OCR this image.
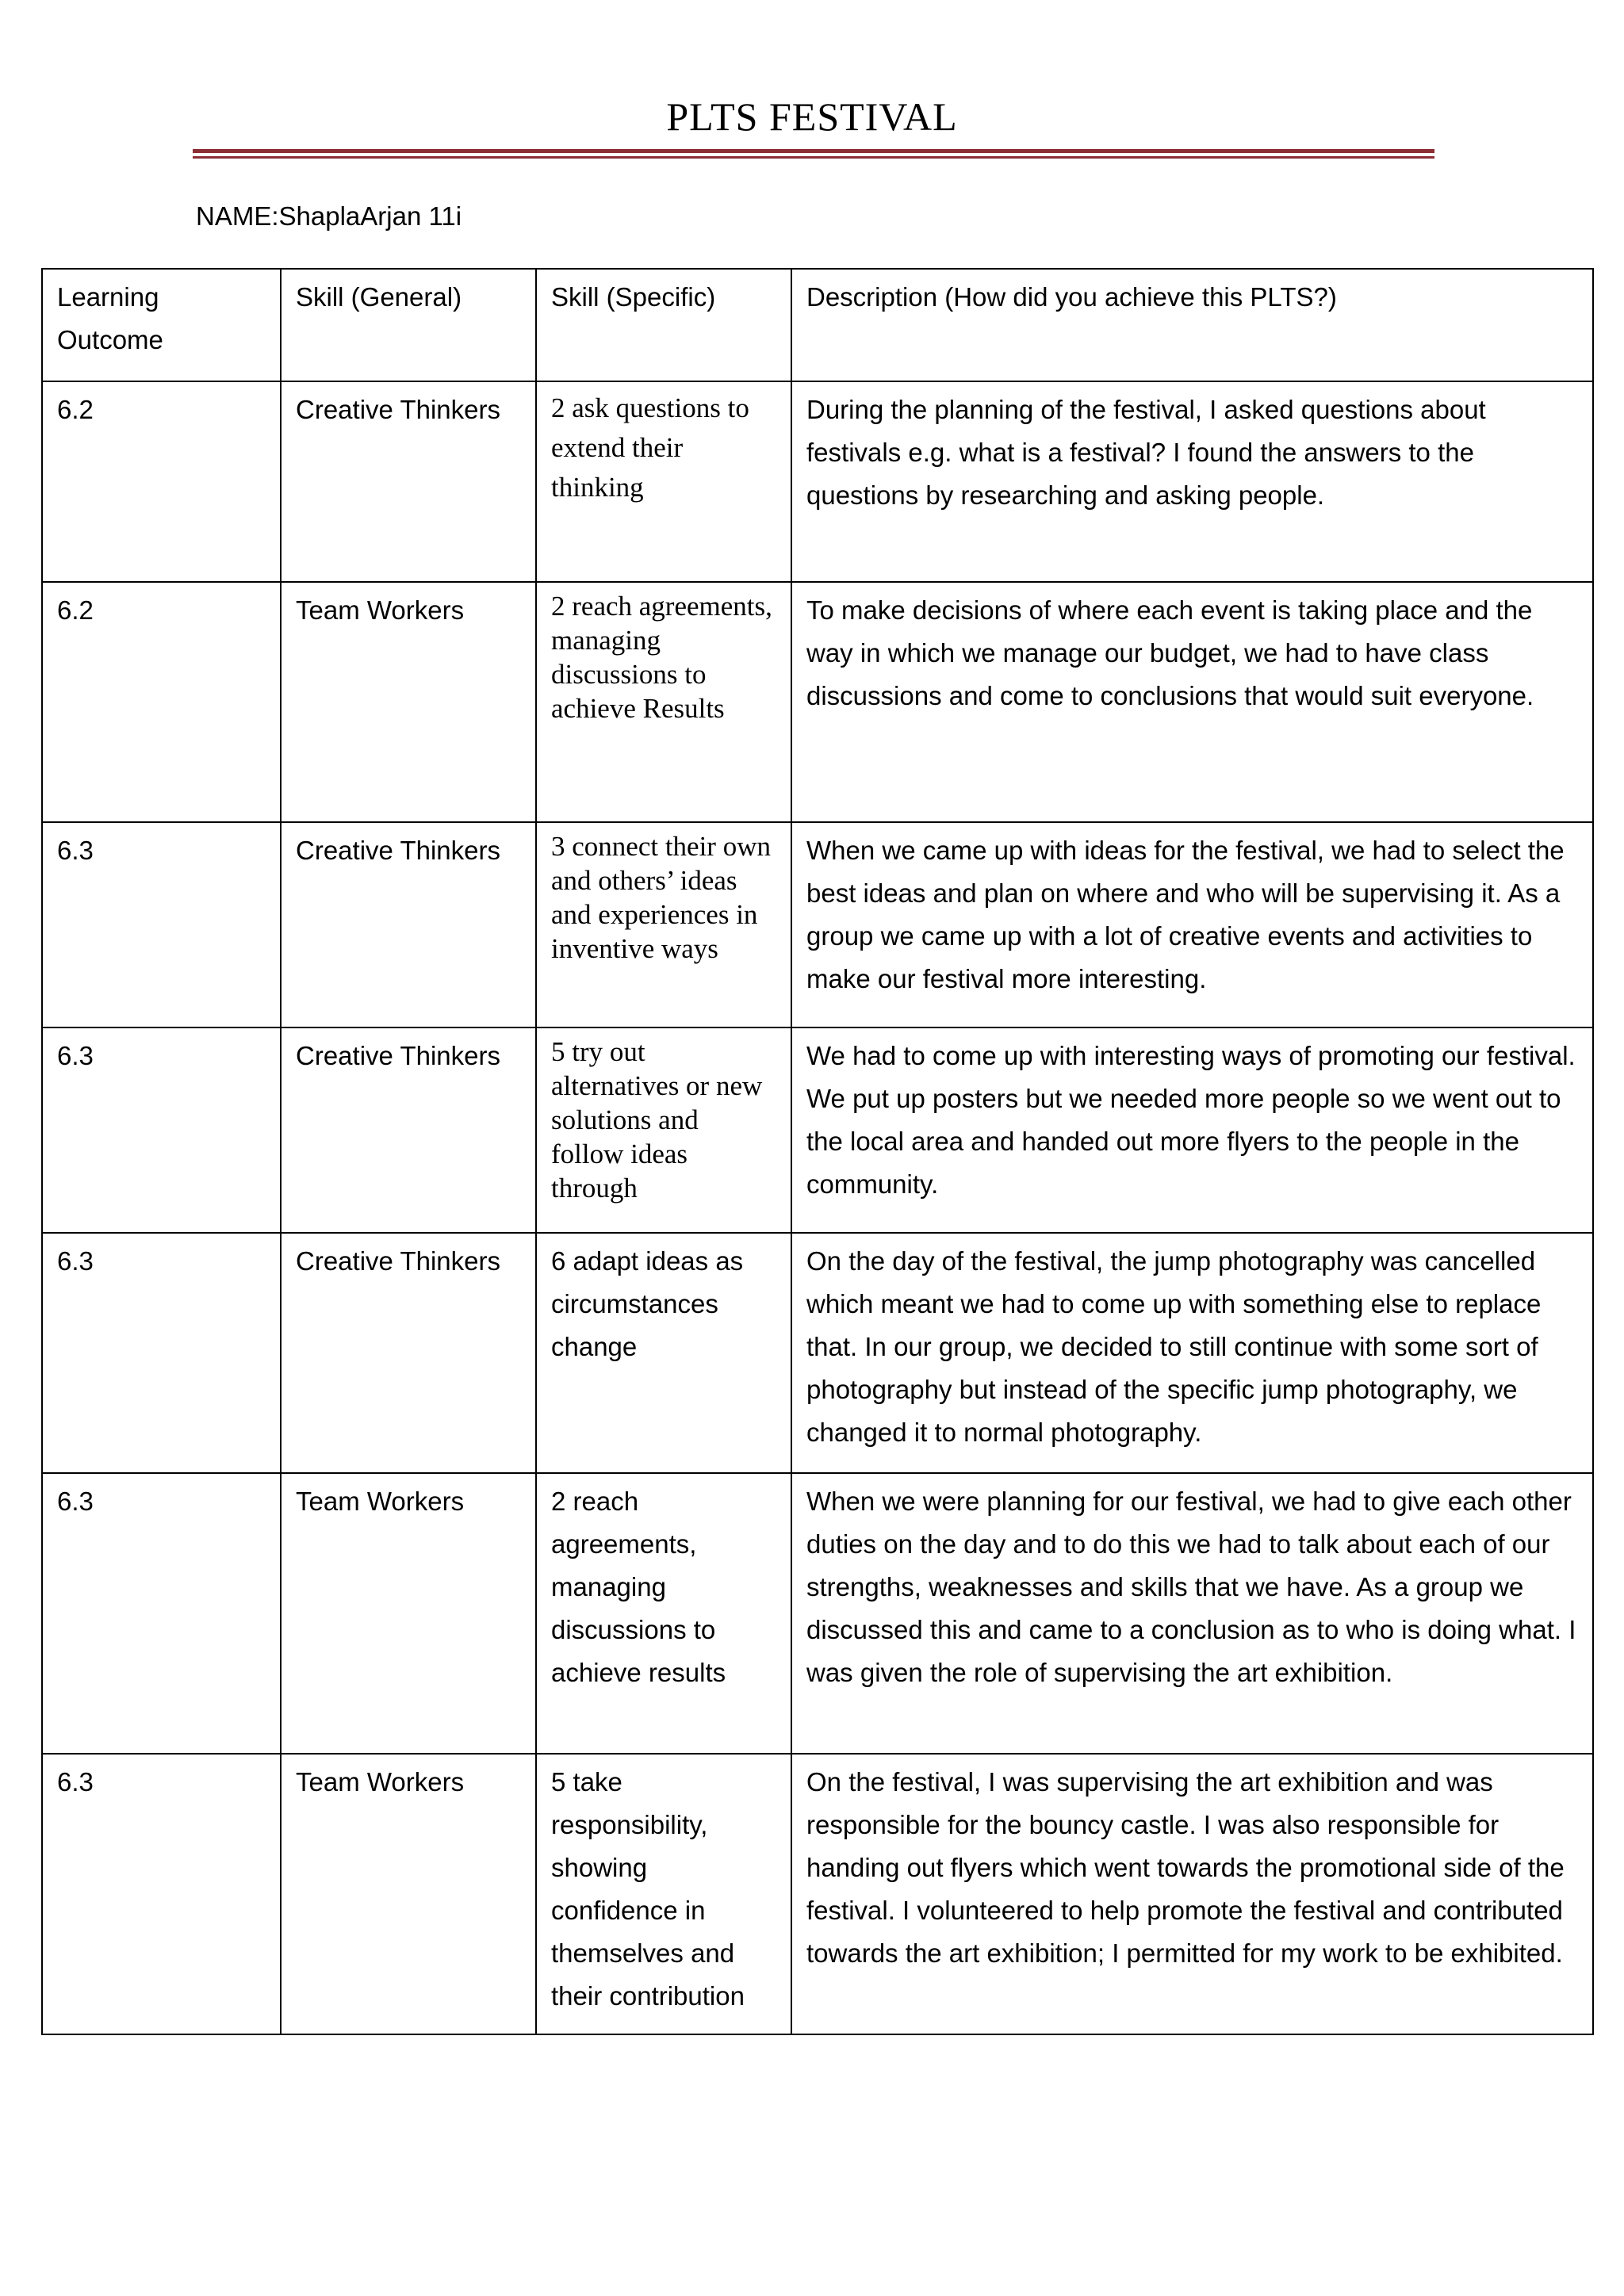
PLTS FESTIVAL
NAME:ShaplaArjan 11i
Learning Outcome	Skill (General)	Skill (Specific)	Description (How did you achieve this PLTS?)
6.2	Creative Thinkers	2 ask questions to extend their thinking	During the planning of the festival, I asked questions about festivals e.g. what is a festival? I found the answers to the questions by researching and asking people.
6.2	Team Workers	2 reach agreements, managing discussions to achieve Results	To make decisions of where each event is taking place and the way in which we manage our budget, we had to have class discussions and come to conclusions that would suit everyone.
6.3	Creative Thinkers	3 connect their own and others’ ideas and experiences in inventive ways	When we came up with ideas for the festival, we had to select the best ideas and plan on where and who will be supervising it. As a group we came up with a lot of creative events and activities to make our festival more interesting.
6.3	Creative Thinkers	5 try out alternatives or new solutions and follow ideas through	We had to come up with interesting ways of promoting our festival. We put up posters but we needed more people so we went out to the local area and handed out more flyers to the people in the community.
6.3	Creative Thinkers	6 adapt ideas as circumstances change	On the day of the festival, the jump photography was cancelled which meant we had to come up with something else to replace that. In our group, we decided to still continue with some sort of photography but instead of the specific jump photography, we changed it to normal photography.
6.3	Team Workers	2 reach agreements, managing discussions to achieve results	When we were planning for our festival, we had to give each other duties on the day and to do this we had to talk about each of our strengths, weaknesses and skills that we have. As a group we discussed this and came to a conclusion as to who is doing what. I was given the role of supervising the art exhibition.
6.3	Team Workers	5 take responsibility, showing confidence in themselves and their contribution	On the festival, I was supervising the art exhibition and was responsible for the bouncy castle. I was also responsible for handing out flyers which went towards the promotional side of the festival. I volunteered to help promote the festival and contributed towards the art exhibition; I permitted for my work to be exhibited.
